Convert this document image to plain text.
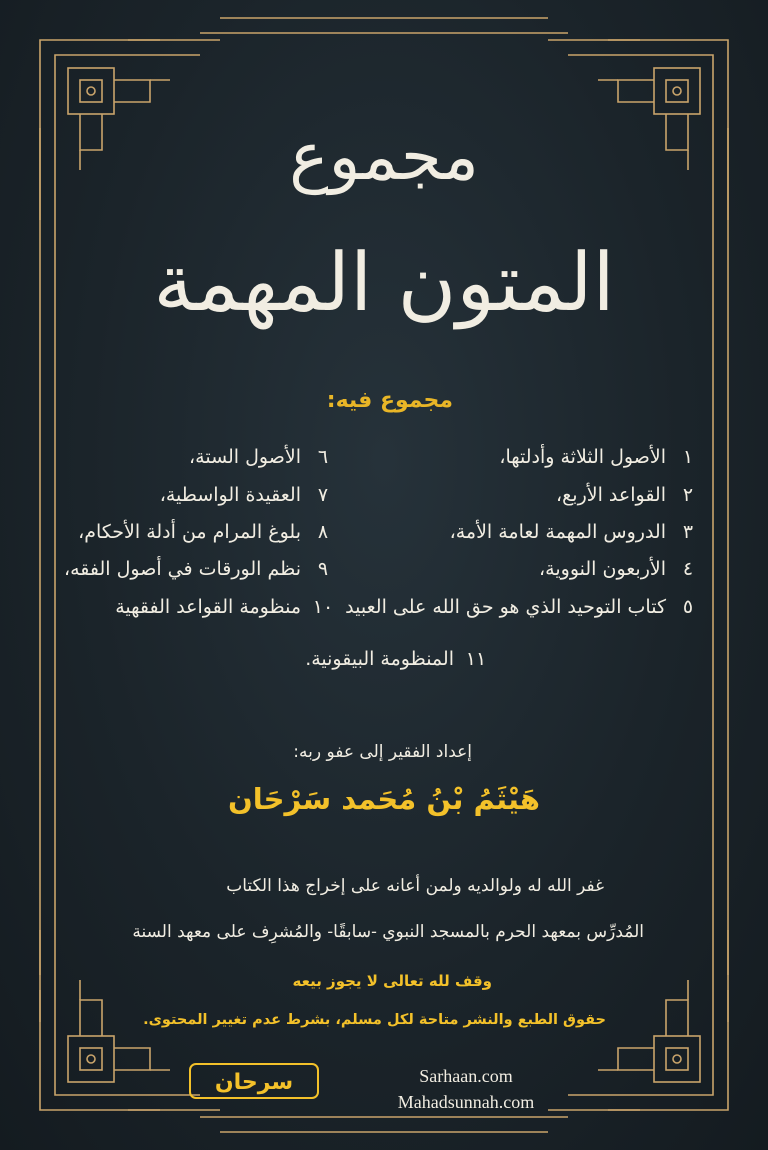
مجموع
المتون المهمة
مجموع فيه:
١الأصول الثلاثة وأدلتها،
٢القواعد الأربع،
٣الدروس المهمة لعامة الأمة،
٤الأربعون النووية،
٥كتاب التوحيد الذي هو حق الله على العبيد
٦الأصول الستة،
٧العقيدة الواسطية،
٨بلوغ المرام من أدلة الأحكام،
٩نظم الورقات في أصول الفقه،
١٠منظومة القواعد الفقهية
١١المنظومة البيقونية.
إعداد الفقير إلى عفو ربه:
هَيْثَمُ بْنُ مُحَمد سَرْحَان
غفر الله له ولوالديه ولمن أعانه على إخراج هذا الكتاب
المُدرِّس بمعهد الحرم بالمسجد النبوي -سابقًا- والمُشرِف على معهد السنة
وقف لله تعالى لا يجوز بيعه
حقوق الطبع والنشر متاحة لكل مسلم، بشرط عدم تغيير المحتوى.
سرحان	Sarhaan.com
Mahadsunnah.com
